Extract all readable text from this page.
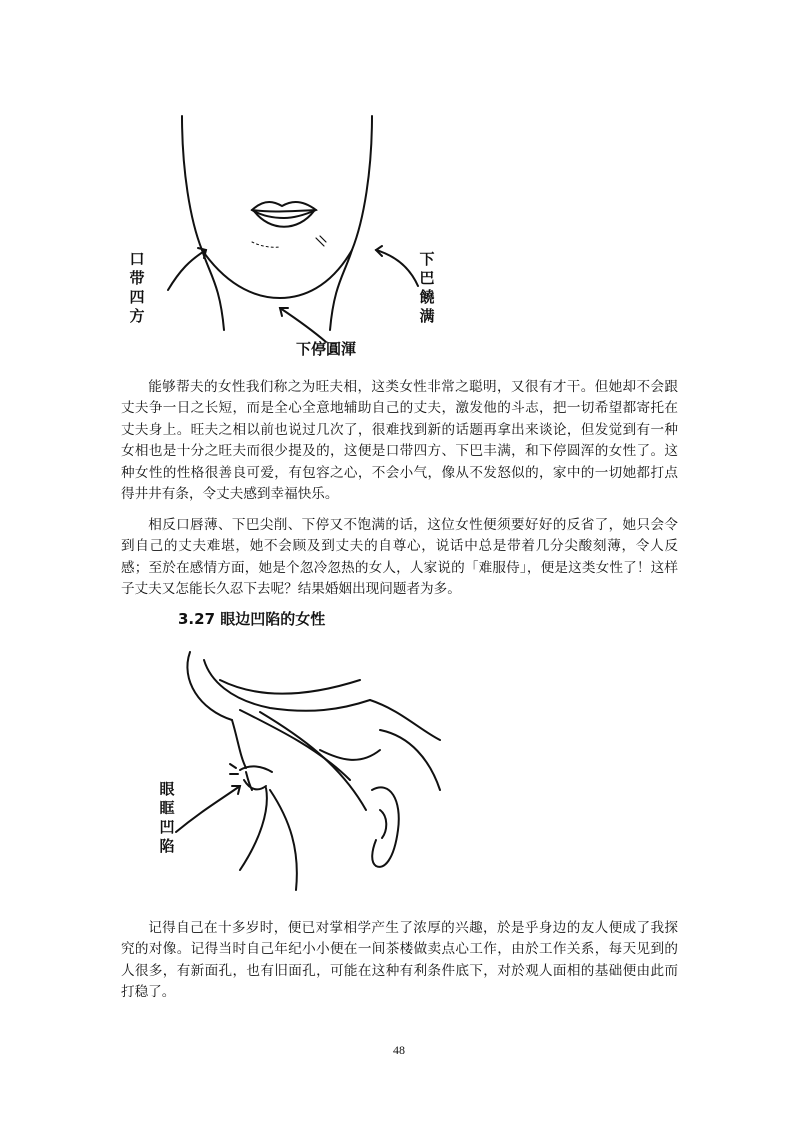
口带四方
下巴饒满
下停圓渾

能够帮夫的女性我们称之为旺夫相，这类女性非常之聪明，又很有才干。但她却不会跟丈夫争一日之长短，而是全心全意地辅助自己的丈夫，激发他的斗志，把一切希望都寄托在丈夫身上。旺夫之相以前也说过几次了，很难找到新的话题再拿出来谈论，但发觉到有一种女相也是十分之旺夫而很少提及的，这便是口带四方、下巴丰满，和下停圆浑的女性了。这种女性的性格很善良可爱，有包容之心，不会小气，像从不发怒似的，家中的一切她都打点得井井有条，令丈夫感到幸福快乐。

相反口唇薄、下巴尖削、下停又不饱满的话，这位女性便须要好好的反省了，她只会令到自己的丈夫难堪，她不会顾及到丈夫的自尊心，说话中总是带着几分尖酸刻薄，令人反感；至於在感情方面，她是个忽冷忽热的女人，人家说的「难服侍」，便是这类女性了！这样子丈夫又怎能长久忍下去呢？结果婚姻出现问题者为多。

3.27 眼边凹陷的女性
眼眶凹陷

记得自己在十多岁时，便已对掌相学产生了浓厚的兴趣，於是乎身边的友人便成了我探究的对像。记得当时自己年纪小小便在一间茶楼做卖点心工作，由於工作关系，每天见到的人很多，有新面孔，也有旧面孔，可能在这种有利条件底下，对於观人面相的基础便由此而打稳了。

48
